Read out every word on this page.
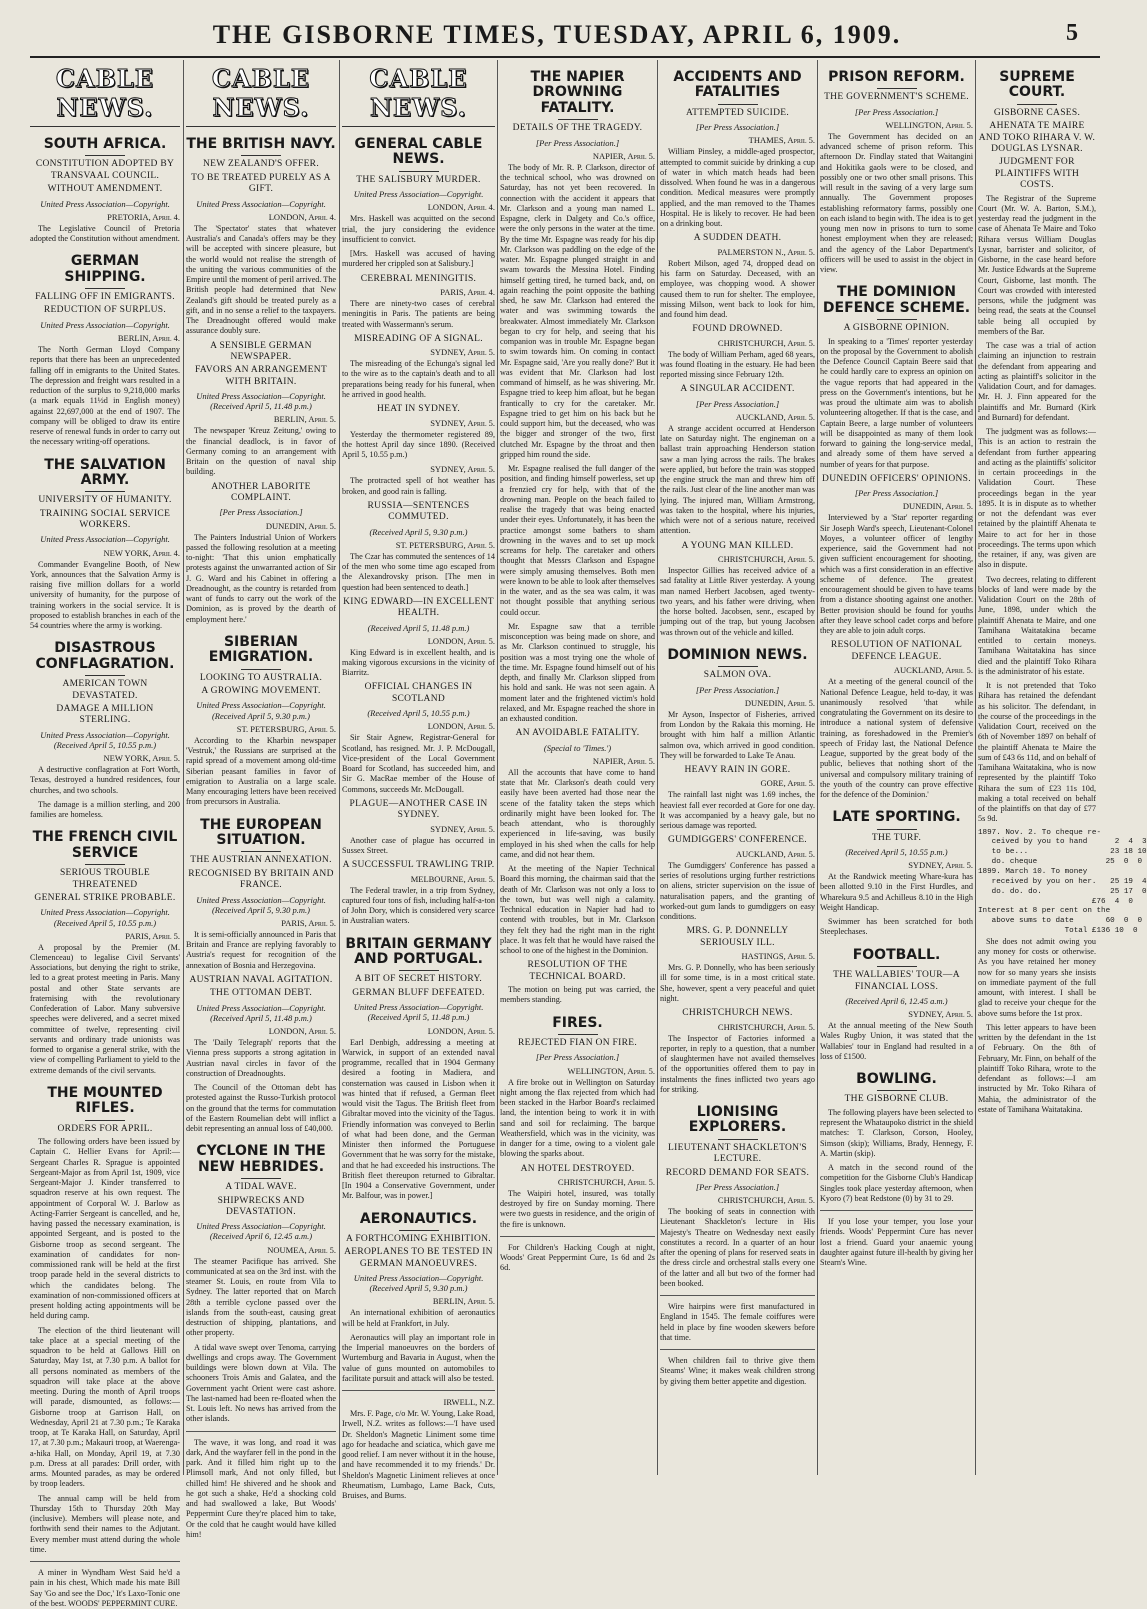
THE GISBORNE TIMES, TUESDAY, APRIL 6, 1909.	5
CABLE NEWS.
SOUTH AFRICA.
CONSTITUTION ADOPTED BY TRANSVAAL COUNCIL.
WITHOUT AMENDMENT.
United Press Association—Copyright.
PRETORIA, April 4.
The Legislative Council of Pretoria adopted the Constitution without amendment.
GERMAN SHIPPING.
FALLING OFF IN EMIGRANTS.
REDUCTION OF SURPLUS.
United Press Association—Copyright.
BERLIN, April 4.
The North German Lloyd Company reports that there has been an unprecedented falling off in emigrants to the United States. The depression and freight wars resulted in a reduction of the surplus to 9,218,000 marks (a mark equals 11½d in English money) against 22,697,000 at the end of 1907. The company will be obliged to draw its entire reserve of renewal funds in order to carry out the necessary writing-off operations.
THE SALVATION ARMY.
UNIVERSITY OF HUMANITY.
TRAINING SOCIAL SERVICE WORKERS.
United Press Association—Copyright.
NEW YORK, April 4.
Commander Evangeline Booth, of New York, announces that the Salvation Army is raising five million dollars for a world university of humanity, for the purpose of training workers in the social service. It is proposed to establish branches in each of the 54 countries where the army is working.
DISASTROUS CONFLAGRATION.
AMERICAN TOWN DEVASTATED.
DAMAGE A MILLION STERLING.
United Press Association—Copyright. (Received April 5, 10.55 p.m.)
NEW YORK, April 5.
A destructive conflagration at Fort Worth, Texas, destroyed a hundred residences, four churches, and two schools.
The damage is a million sterling, and 200 families are homeless.
THE FRENCH CIVIL SERVICE
SERIOUS TROUBLE THREATENED
GENERAL STRIKE PROBABLE.
United Press Association—Copyright. (Received April 5, 10.55 p.m.)
PARIS, April 5.
A proposal by the Premier (M. Clemenceau) to legalise Civil Servants' Associations, but denying the right to strike, led to a great protest meeting in Paris. Many postal and other State servants are fraternising with the revolutionary Confederation of Labor. Many subversive speeches were delivered, and a secret mixed committee of twelve, representing civil servants and ordinary trade unionists was formed to organise a general strike, with the view of compelling Parliament to yield to the extreme demands of the civil servants.
THE MOUNTED RIFLES.
ORDERS FOR APRIL.
The following orders have been issued by Captain C. Hellier Evans for April:—Sergeant Charles R. Sprague is appointed Sergeant-Major as from April 1st, 1909, vice Sergeant-Major J. Kinder transferred to squadron reserve at his own request. The appointment of Corporal W. J. Barlow as Acting-Farrier Sergeant is cancelled, and he, having passed the necessary examination, is appointed Sergeant, and is posted to the Gisborne troop as second sergeant. The examination of candidates for non-commissioned rank will be held at the first troop parade held in the several districts to which the candidates belong. The examination of non-commissioned officers at present holding acting appointments will be held during camp.
The election of the third lieutenant will take place at a special meeting of the squadron to be held at Gallows Hill on Saturday, May 1st, at 7.30 p.m. A ballot for all persons nominated as members of the squadron will take place at the above meeting. During the month of April troops will parade, dismounted, as follows:—Gisborne troop at Garrison Hall, on Wednesday, April 21 at 7.30 p.m.; Te Karaka troop, at Te Karaka Hall, on Saturday, April 17, at 7.30 p.m.; Makauri troop, at Waerenga-a-hika Hall, on Monday, April 19, at 7.30 p.m. Dress at all parades: Drill order, with arms. Mounted parades, as may be ordered by troop leaders.
The annual camp will be held from Thursday 15th to Thursday 20th May (inclusive). Members will please note, and forthwith send their names to the Adjutant. Every member must attend during the whole time.
A miner in Wyndham West Said he'd a pain in his chest, Which made his mate Bill Say 'Go and see the Doc,' It's Laxo-Tonic one of the best. WOODS' PEPPERMINT CURE.
CABLE NEWS.
THE BRITISH NAVY.
NEW ZEALAND'S OFFER.
TO BE TREATED PURELY AS A GIFT.
United Press Association—Copyright.
LONDON, April 4.
The 'Spectator' states that whatever Australia's and Canada's offers may be they will be accepted with sincere pleasure, but the world would not realise the strength of the uniting the various communities of the Empire until the moment of peril arrived. The British people had determined that New Zealand's gift should be treated purely as a gift, and in no sense a relief to the taxpayers. The Dreadnought offered would make assurance doubly sure.
A SENSIBLE GERMAN NEWSPAPER.
FAVORS AN ARRANGEMENT WITH BRITAIN.
United Press Association—Copyright. (Received April 5, 11.48 p.m.)
BERLIN, April 5.
The newspaper 'Kreuz Zeitung,' owing to the financial deadlock, is in favor of Germany coming to an arrangement with Britain on the question of naval ship building.
ANOTHER LABORITE COMPLAINT.
[Per Press Association.]
DUNEDIN, April 5.
The Painters Industrial Union of Workers passed the following resolution at a meeting to-night: 'That this union emphatically protests against the unwarranted action of Sir J. G. Ward and his Cabinet in offering a Dreadnought, as the country is retarded from want of funds to carry out the work of the Dominion, as is proved by the dearth of employment here.'
SIBERIAN EMIGRATION.
LOOKING TO AUSTRALIA.
A GROWING MOVEMENT.
United Press Association—Copyright. (Received April 5, 9.30 p.m.)
ST. PETERSBURG, April 5.
According to the Kharbin newspaper 'Vestruk,' the Russians are surprised at the rapid spread of a movement among old-time Siberian peasant families in favor of emigration to Australia on a large scale. Many encouraging letters have been received from precursors in Australia.
THE EUROPEAN SITUATION.
THE AUSTRIAN ANNEXATION.
RECOGNISED BY BRITAIN AND FRANCE.
United Press Association—Copyright. (Received April 5, 9.30 p.m.)
PARIS, April 5.
It is semi-officially announced in Paris that Britain and France are replying favorably to Austria's request for recognition of the annexation of Bosnia and Herzegovina.
AUSTRIAN NAVAL AGITATION.
THE OTTOMAN DEBT.
United Press Association—Copyright. (Received April 5, 11.48 p.m.)
LONDON, April 5.
The 'Daily Telegraph' reports that the Vienna press supports a strong agitation in Austrian naval circles in favor of the construction of Dreadnoughts.
The Council of the Ottoman debt has protested against the Russo-Turkish protocol on the ground that the terms for commutation of the Eastern Roumelian debt will inflict a debit representing an annual loss of £40,000.
CYCLONE IN THE NEW HEBRIDES.
A TIDAL WAVE.
SHIPWRECKS AND DEVASTATION.
United Press Association—Copyright. (Received April 6, 12.45 a.m.)
NOUMEA, April 5.
The steamer Pacifique has arrived. She communicated at sea on the 3rd inst. with the steamer St. Louis, en route from Vila to Sydney. The latter reported that on March 28th a terrible cyclone passed over the islands from the south-east, causing great destruction of shipping, plantations, and other property.
A tidal wave swept over Tenoma, carrying dwellings and crops away. The Government buildings were blown down at Vila. The schooners Trois Amis and Galatea, and the Government yacht Orient were cast ashore. The last-named had been re-floated when the St. Louis left. No news has arrived from the other islands.
The wave, it was long, and road it was dark, And the wayfarer fell in the pond in the park. And it filled him right up to the Plimsoll mark, And not only filled, but chilled him! He shivered and he shook and he got such a shake, He'd a shocking cold and had swallowed a lake, But Woods' Peppermint Cure they're placed him to take, Or the cold that he caught would have killed him!
CABLE NEWS.
GENERAL CABLE NEWS.
THE SALISBURY MURDER.
United Press Association—Copyright.
LONDON, April 4.
Mrs. Haskell was acquitted on the second trial, the jury considering the evidence insufficient to convict.
[Mrs. Haskell was accused of having murdered her crippled son at Salisbury.]
CEREBRAL MENINGITIS.
PARIS, April 4.
There are ninety-two cases of cerebral meningitis in Paris. The patients are being treated with Wassermann's serum.
MISREADING OF A SIGNAL.
SYDNEY, April 5.
The misreading of the Echunga's signal led to the wire as to the captain's death and to all preparations being ready for his funeral, when he arrived in good health.
HEAT IN SYDNEY.
SYDNEY, April 5.
Yesterday the thermometer registered 89, the hottest April day since 1890. (Received April 5, 10.55 p.m.)
SYDNEY, April 5.
The protracted spell of hot weather has broken, and good rain is falling.
RUSSIA—SENTENCES COMMUTED.
(Received April 5, 9.30 p.m.)
ST. PETERSBURG, April 5.
The Czar has commuted the sentences of 14 of the men who some time ago escaped from the Alexandrovsky prison. [The men in question had been sentenced to death.]
KING EDWARD—IN EXCELLENT HEALTH.
(Received April 5, 11.48 p.m.)
LONDON, April 5.
King Edward is in excellent health, and is making vigorous excursions in the vicinity of Biarritz.
OFFICIAL CHANGES IN SCOTLAND
(Received April 5, 10.55 p.m.)
LONDON, April 5.
Sir Stair Agnew, Registrar-General for Scotland, has resigned. Mr. J. P. McDougall, Vice-president of the Local Government Board for Scotland, has succeeded him, and Sir G. MacRae member of the House of Commons, succeeds Mr. McDougall.
PLAGUE—ANOTHER CASE IN SYDNEY.
SYDNEY, April 5.
Another case of plague has occurred in Sussex Street.
A SUCCESSFUL TRAWLING TRIP.
MELBOURNE, April 5.
The Federal trawler, in a trip from Sydney, captured four tons of fish, including half-a-ton of John Dory, which is considered very scarce in Australian waters.
BRITAIN GERMANY AND PORTUGAL.
A BIT OF SECRET HISTORY.
GERMAN BLUFF DEFEATED.
United Press Association—Copyright. (Received April 5, 11.48 p.m.)
LONDON, April 5.
Earl Denbigh, addressing a meeting at Warwick, in support of an extended naval programme, recalled that in 1904 Germany desired a footing in Madiera, and consternation was caused in Lisbon when it was hinted that if refused, a German fleet would visit the Tagus. The British fleet from Gibraltar moved into the vicinity of the Tagus. Friendly information was conveyed to Berlin of what had been done, and the German Minister then informed the Portuguese Government that he was sorry for the mistake, and that he had exceeded his instructions. The British fleet thereupon returned to Gibraltar. [In 1904 a Conservative Government, under Mr. Balfour, was in power.]
AERONAUTICS.
A FORTHCOMING EXHIBITION.
AEROPLANES TO BE TESTED IN GERMAN MANOEUVRES.
United Press Association—Copyright. (Received April 5, 9.30 p.m.)
BERLIN, April 5.
An international exhibition of aeronautics will be held at Frankfort, in July.
Aeronautics will play an important role in the Imperial manoeuvres on the borders of Wurtemburg and Bavaria in August, when the value of guns mounted on automobiles to facilitate pursuit and attack will also be tested.
IRWELL, N.Z.
Mrs. F. Page, c/o Mr. W. Young, Lake Road, Irwell, N.Z. writes as follows:—'I have used Dr. Sheldon's Magnetic Liniment some time ago for headache and sciatica, which gave me good relief. I am never without it in the house, and have recommended it to my friends.' Dr. Sheldon's Magnetic Liniment relieves at once Rheumatism, Lumbago, Lame Back, Cuts, Bruises, and Burns.
THE NAPIER DROWNING FATALITY.
DETAILS OF THE TRAGEDY.
[Per Press Association.]
NAPIER, April 5.
The body of Mr. R. P. Clarkson, director of the technical school, who was drowned on Saturday, has not yet been recovered. In connection with the accident it appears that Mr. Clarkson and a young man named L. Espagne, clerk in Dalgety and Co.'s office, were the only persons in the water at the time. By the time Mr. Espagne was ready for his dip Mr. Clarkson was paddling on the edge of the water. Mr. Espagne plunged straight in and swam towards the Messina Hotel. Finding himself getting tired, he turned back, and, on again reaching the point opposite the bathing shed, he saw Mr. Clarkson had entered the water and was swimming towards the breakwater. Almost immediately Mr. Clarkson began to cry for help, and seeing that his companion was in trouble Mr. Espagne began to swim towards him. On coming in contact Mr. Espagne said, 'Are you really done?' But it was evident that Mr. Clarkson had lost command of himself, as he was shivering. Mr. Espagne tried to keep him afloat, but he began frantically to cry for the caretaker. Mr. Espagne tried to get him on his back but he could support him, but the deceased, who was the bigger and stronger of the two, first clutched Mr. Espagne by the throat and then gripped him round the side.
Mr. Espagne realised the full danger of the position, and finding himself powerless, set up a frenzied cry for help, with that of the drowning man. People on the beach failed to realise the tragedy that was being enacted under their eyes. Unfortunately, it has been the practice amongst some bathers to sham drowning in the waves and to set up mock screams for help. The caretaker and others thought that Messrs Clarkson and Espagne were simply amusing themselves. Both men were known to be able to look after themselves in the water, and as the sea was calm, it was not thought possible that anything serious could occur.
Mr. Espagne saw that a terrible misconception was being made on shore, and as Mr. Clarkson continued to struggle, his position was a most trying one the whole of the time. Mr. Espagne found himself out of his depth, and finally Mr. Clarkson slipped from his hold and sank. He was not seen again. A moment later and the frightened victim's hold relaxed, and Mr. Espagne reached the shore in an exhausted condition.
AN AVOIDABLE FATALITY.
(Special to 'Times.')
NAPIER, April 5.
All the accounts that have come to hand state that Mr. Clarkson's death could very easily have been averted had those near the scene of the fatality taken the steps which ordinarily might have been looked for. The beach attendant, who is thoroughly experienced in life-saving, was busily employed in his shed when the calls for help came, and did not hear them.
At the meeting of the Napier Technical Board this morning, the chairman said that the death of Mr. Clarkson was not only a loss to the town, but was well nigh a calamity. Technical education in Napier had had to contend with troubles, but in Mr. Clarkson they felt they had the right man in the right place. It was felt that he would have raised the school to one of the highest in the Dominion.
RESOLUTION OF THE TECHNICAL BOARD.
The motion on being put was carried, the members standing.
FIRES.
REJECTED FIAN ON FIRE.
[Per Press Association.]
WELLINGTON, April 5.
A fire broke out in Wellington on Saturday night among the flax rejected from which had been stacked in the Harbor Board's reclaimed land, the intention being to work it in with sand and soil for reclaiming. The barque Weathersfield, which was in the vicinity, was in danger for a time, owing to a violent gale blowing the sparks about.
AN HOTEL DESTROYED.
CHRISTCHURCH, April 5.
The Waipiri hotel, insured, was totally destroyed by fire on Sunday morning. There were two guests in residence, and the origin of the fire is unknown.
For Children's Hacking Cough at night, Woods' Great Peppermint Cure, 1s 6d and 2s 6d.
ACCIDENTS AND FATALITIES
ATTEMPTED SUICIDE.
[Per Press Association.]
THAMES, April 5.
William Pinsley, a middle-aged prospector, attempted to commit suicide by drinking a cup of water in which match heads had been dissolved. When found he was in a dangerous condition. Medical measures were promptly applied, and the man removed to the Thames Hospital. He is likely to recover. He had been on a drinking bout.
A SUDDEN DEATH.
PALMERSTON N., April 5.
Robert Milson, aged 74, dropped dead on his farm on Saturday. Deceased, with an employee, was chopping wood. A shower caused them to run for shelter. The employee, missing Milson, went back to look for him, and found him dead.
FOUND DROWNED.
CHRISTCHURCH, April 5.
The body of William Perham, aged 68 years, was found floating in the estuary. He had been reported missing since February 12th.
A SINGULAR ACCIDENT.
[Per Press Association.]
AUCKLAND, April 5.
A strange accident occurred at Henderson late on Saturday night. The engineman on a ballast train approaching Henderson station saw a man lying across the rails. The brakes were applied, but before the train was stopped the engine struck the man and threw him off the rails. Just clear of the line another man was lying. The injured man, William Armstrong, was taken to the hospital, where his injuries, which were not of a serious nature, received attention.
A YOUNG MAN KILLED.
CHRISTCHURCH, April 5.
Inspector Gillies has received advice of a sad fatality at Little River yesterday. A young man named Herbert Jacobsen, aged twenty-two years, and his father were driving, when the horse bolted. Jacobsen, senr., escaped by jumping out of the trap, but young Jacobsen was thrown out of the vehicle and killed.
DOMINION NEWS.
SALMON OVA.
[Per Press Association.]
DUNEDIN, April 5.
Mr Ayson, Inspector of Fisheries, arrived from London by the Rakaia this morning. He brought with him half a million Atlantic salmon ova, which arrived in good condition. They will be forwarded to Lake Te Anau.
HEAVY RAIN IN GORE.
GORE, April 5.
The rainfall last night was 1.69 inches, the heaviest fall ever recorded at Gore for one day. It was accompanied by a heavy gale, but no serious damage was reported.
GUMDIGGERS' CONFERENCE.
AUCKLAND, April 5.
The Gumdiggers' Conference has passed a series of resolutions urging further restrictions on aliens, stricter supervision on the issue of naturalisation papers, and the granting of worked-out gum lands to gumdiggers on easy conditions.
MRS. G. P. DONNELLY SERIOUSLY ILL.
HASTINGS, April 5.
Mrs. G. P. Donnelly, who has been seriously ill for some time, is in a most critical state. She, however, spent a very peaceful and quiet night.
CHRISTCHURCH NEWS.
CHRISTCHURCH, April 5.
The Inspector of Factories informed a reporter, in reply to a question, that a number of slaughtermen have not availed themselves of the opportunities offered them to pay in instalments the fines inflicted two years ago for striking.
LIONISING EXPLORERS.
LIEUTENANT SHACKLETON'S LECTURE.
RECORD DEMAND FOR SEATS.
[Per Press Association.]
CHRISTCHURCH, April 5.
The booking of seats in connection with Lieutenant Shackleton's lecture in His Majesty's Theatre on Wednesday next easily constitutes a record. In a quarter of an hour after the opening of plans for reserved seats in the dress circle and orchestral stalls every one of the latter and all but two of the former had been booked.
Wire hairpins were first manufactured in England in 1545. The female coiffures were held in place by fine wooden skewers before that time.
When children fail to thrive give them Steams' Wine; it makes weak children strong by giving them better appetite and digestion.
PRISON REFORM.
THE GOVERNMENT'S SCHEME.
[Per Press Association.]
WELLINGTON, April 5.
The Government has decided on an advanced scheme of prison reform. This afternoon Dr. Findlay stated that Waitangini and Hokitika gaols were to be closed, and possibly one or two other small prisons. This will result in the saving of a very large sum annually. The Government proposes establishing reformatory farms, possibly one on each island to begin with. The idea is to get young men now in prisons to turn to some honest employment when they are released; and the agency of the Labor Department's officers will be used to assist in the object in view.
THE DOMINION DEFENCE SCHEME.
A GISBORNE OPINION.
In speaking to a 'Times' reporter yesterday on the proposal by the Government to abolish the Defence Council Captain Beere said that he could hardly care to express an opinion on the vague reports that had appeared in the press on the Government's intentions, but he was proud the ultimate aim was to abolish volunteering altogether. If that is the case, and Captain Beere, a large number of volunteers will be disappointed as many of them look forward to gaining the long-service medal, and already some of them have served a number of years for that purpose.
DUNEDIN OFFICERS' OPINIONS.
[Per Press Association.]
DUNEDIN, April 5.
Interviewed by a 'Star' reporter regarding Sir Joseph Ward's speech, Lieutenant-Colonel Moyes, a volunteer officer of lengthy experience, said the Government had not given sufficient encouragement for shooting, which was a first consideration in an effective scheme of defence. The greatest encouragement should be given to have teams from a distance shooting against one another. Better provision should be found for youths after they leave school cadet corps and before they are able to join adult corps.
RESOLUTION OF NATIONAL DEFENCE LEAGUE.
AUCKLAND, April 5.
At a meeting of the general council of the National Defence League, held to-day, it was unanimously resolved 'that while congratulating the Government on its desire to introduce a national system of defensive training, as foreshadowed in the Premier's speech of Friday last, the National Defence League, supported by the great body of the public, believes that nothing short of the universal and compulsory military training of the youth of the country can prove effective for the defence of the Dominion.'
LATE SPORTING.
THE TURF.
(Received April 5, 10.55 p.m.)
SYDNEY, April 5.
At the Randwick meeting Whare-kura has been allotted 9.10 in the First Hurdles, and Wharekura 9.5 and Achilleus 8.10 in the High Weight Handicap.
Swimmer has been scratched for both Steeplechases.
FOOTBALL.
THE WALLABIES' TOUR—A FINANCIAL LOSS.
(Received April 6, 12.45 a.m.)
SYDNEY, April 5.
At the annual meeting of the New South Wales Rugby Union, it was stated that the Wallabies' tour in England had resulted in a loss of £1500.
BOWLING.
THE GISBORNE CLUB.
The following players have been selected to represent the Whataupoko district in the shield matches: T. Clarkson, Corson, Hooley, Simson (skip); Williams, Brady, Hennegy, F. A. Martin (skip).
A match in the second round of the competition for the Gisborne Club's Handicap Singles took place yesterday afternoon, when Kyoro (7) beat Redstone (0) by 31 to 29.
If you lose your temper, you lose your friends. Woods' Peppermint Cure has never lost a friend. Guard your anaemic young daughter against future ill-health by giving her Stearn's Wine.
SUPREME COURT.
GISBORNE CASES.
AHENATA TE MAIRE AND TOKO RIHARA V. W. DOUGLAS LYSNAR.
JUDGMENT FOR PLAINTIFFS WITH COSTS.
The Registrar of the Supreme Court (Mr. W. A. Barton, S.M.), yesterday read the judgment in the case of Ahenata Te Maire and Toko Rihara versus William Douglas Lysnar, barrister and solicitor, of Gisborne, in the case heard before Mr. Justice Edwards at the Supreme Court, Gisborne, last month. The Court was crowded with interested persons, while the judgment was being read, the seats at the Counsel table being all occupied by members of the Bar.
The case was a trial of action claiming an injunction to restrain the defendant from appearing and acting as plaintiff's solicitor in the Validation Court, and for damages. Mr. H. J. Finn appeared for the plaintiffs and Mr. Burnard (Kirk and Burnard) for defendant.
The judgment was as follows:—This is an action to restrain the defendant from further appearing and acting as the plaintiffs' solicitor in certain proceedings in the Validation Court. These proceedings began in the year 1895. It is in dispute as to whether or not the defendant was ever retained by the plaintiff Ahenata te Maire to act for her in those proceedings. The terms upon which the retainer, if any, was given are also in dispute.
Two decrees, relating to different blocks of land were made by the Validation Court on the 28th of June, 1898, under which the plaintiff Ahenata te Maire, and one Tamihana Waitatakina became entitled to certain moneys. Tamihana Waitatakina has since died and the plaintiff Toko Rihara is the administrator of his estate.
It is not pretended that Toko Rihara has retained the defendant as his solicitor. The defendant, in the course of the proceedings in the Validation Court, received on the 6th of November 1897 on behalf of the plaintiff Ahenata te Maire the sum of £43 6s 11d, and on behalf of Tamihana Waitatakina, who is now represented by the plaintiff Toko Rihara the sum of £23 11s 10d, making a total received on behalf of the plaintiffs on that day of £77 5s 9d.
1897. Nov. 2. To cheque re-
ceived by you to hand      2  4  3
to be...                  23 18 10
do. cheque               25  0  0
1899. March 10. To money
received by you on her.   25 19  4
do. do. do.               25 17  0
£76  4  0
Interest at 8 per cent on the
above sums to date       60  0  0
Total £136 10  0
She does not admit owing you any money for costs or otherwise. As you have retained her money now for so many years she insists on immediate payment of the full amount, with interest. I shall be glad to receive your cheque for the above sums before the 1st prox.
This letter appears to have been written by the defendant in the 1st of February. On the 8th of February, Mr. Finn, on behalf of the plaintiff Toko Rihara, wrote to the defendant as follows:—I am instructed by Mr. Toko Rihara of Mahia, the administrator of the estate of Tamihana Waitatakina.
